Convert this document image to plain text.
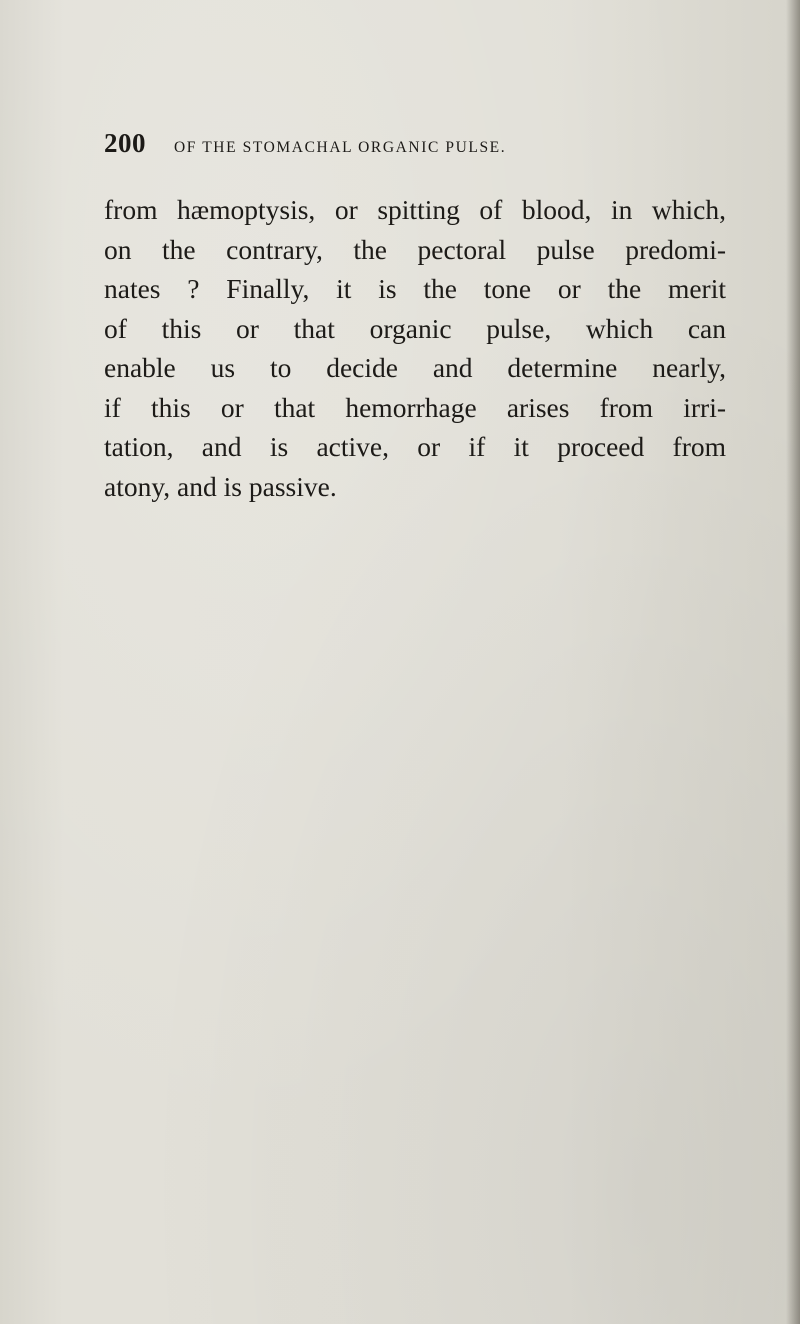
200 OF THE STOMACHAL ORGANIC PULSE.
from hæmoptysis, or spitting of blood, in which,
on the contrary, the pectoral pulse predomi-
nates ? Finally, it is the tone or the merit
of this or that organic pulse, which can
enable us to decide and determine nearly,
if this or that hemorrhage arises from irri-
tation, and is active, or if it proceed from
atony, and is passive.
